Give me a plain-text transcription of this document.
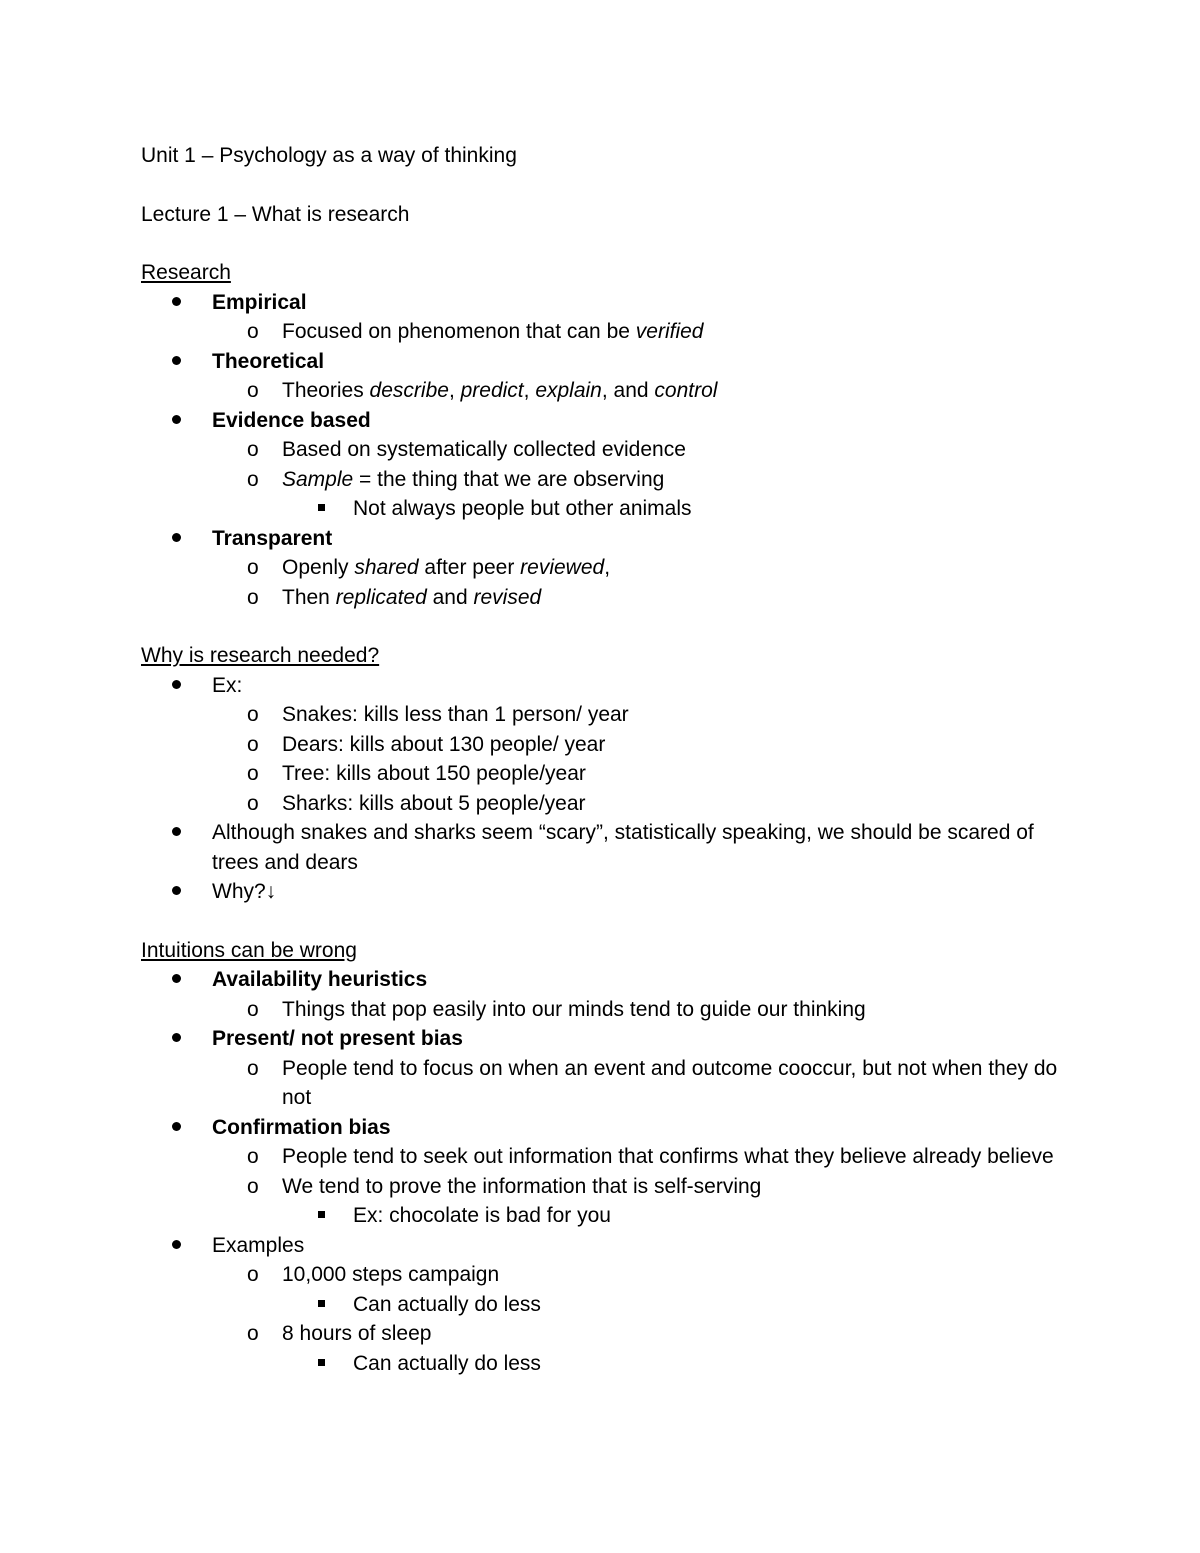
Unit 1 – Psychology as a way of thinking
Lecture 1 – What is research
Research
Empirical
o Focused on phenomenon that can be verified
Theoretical
o Theories describe, predict, explain, and control
Evidence based
o Based on systematically collected evidence
o Sample = the thing that we are observing
Not always people but other animals
Transparent
o Openly shared after peer reviewed,
o Then replicated and revised
Why is research needed?
Ex:
o Snakes: kills less than 1 person/ year
o Dears: kills about 130 people/ year
o Tree: kills about 150 people/year
o Sharks: kills about 5 people/year
Although snakes and sharks seem “scary”, statistically speaking, we should be scared of trees and dears
Why?↓
Intuitions can be wrong
Availability heuristics
o Things that pop easily into our minds tend to guide our thinking
Present/ not present bias
o People tend to focus on when an event and outcome cooccur, but not when they do not
Confirmation bias
o People tend to seek out information that confirms what they believe already believe
o We tend to prove the information that is self-serving
Ex: chocolate is bad for you
Examples
o 10,000 steps campaign
Can actually do less
o 8 hours of sleep
Can actually do less
